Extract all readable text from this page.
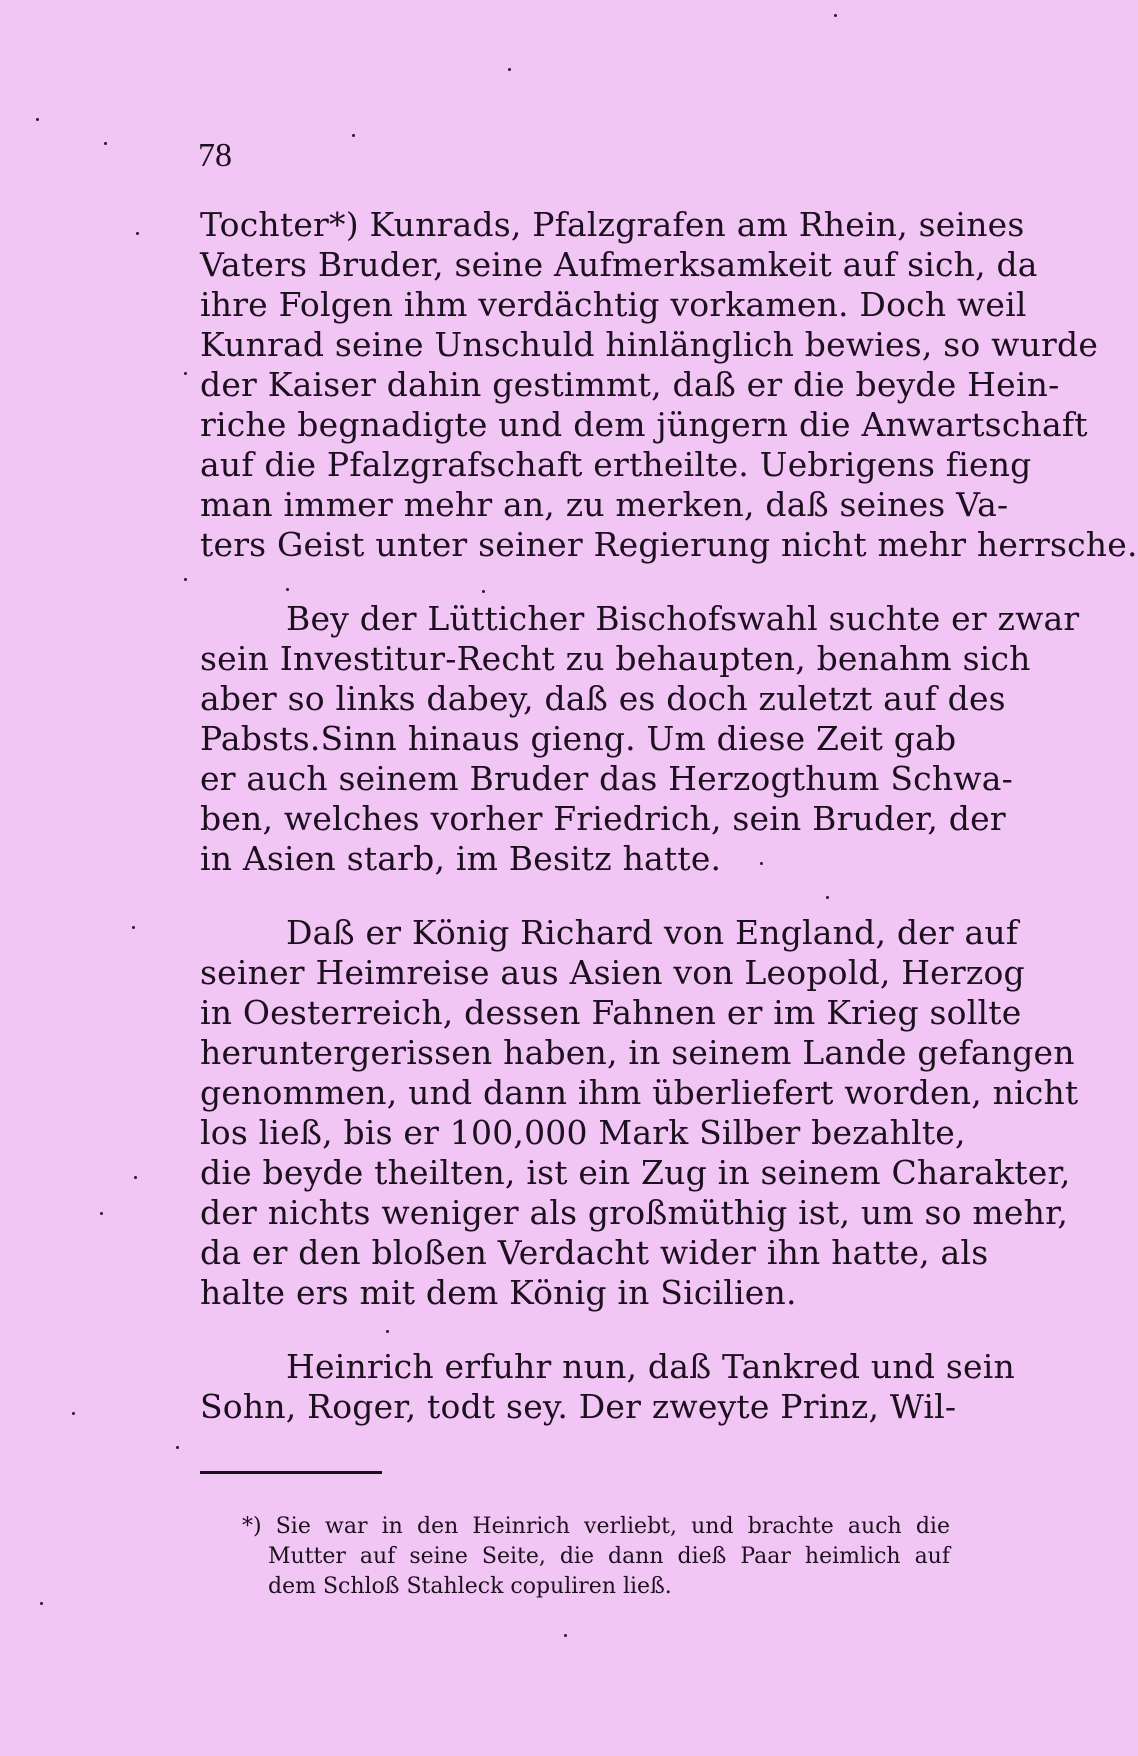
78
Tochter*) Kunrads, Pfalzgrafen am Rhein, seines
Vaters Bruder, seine Aufmerksamkeit auf sich, da
ihre Folgen ihm verdächtig vorkamen. Doch weil
Kunrad seine Unschuld hinlänglich bewies, so wurde
der Kaiser dahin gestimmt, daß er die beyde Hein-
riche begnadigte und dem jüngern die Anwartschaft
auf die Pfalzgrafschaft ertheilte. Uebrigens fieng
man immer mehr an, zu merken, daß seines Va-
ters Geist unter seiner Regierung nicht mehr herrsche.
Bey der Lütticher Bischofswahl suchte er zwar
sein Investitur-Recht zu behaupten, benahm sich
aber so links dabey, daß es doch zuletzt auf des
Pabsts.Sinn hinaus gieng. Um diese Zeit gab
er auch seinem Bruder das Herzogthum Schwa-
ben, welches vorher Friedrich, sein Bruder, der
in Asien starb, im Besitz hatte.
Daß er König Richard von England, der auf
seiner Heimreise aus Asien von Leopold, Herzog
in Oesterreich, dessen Fahnen er im Krieg sollte
heruntergerissen haben, in seinem Lande gefangen
genommen, und dann ihm überliefert worden, nicht
los ließ, bis er 100,000 Mark Silber bezahlte,
die beyde theilten, ist ein Zug in seinem Charakter,
der nichts weniger als großmüthig ist, um so mehr,
da er den bloßen Verdacht wider ihn hatte, als
halte ers mit dem König in Sicilien.
Heinrich erfuhr nun, daß Tankred und sein
Sohn, Roger, todt sey. Der zweyte Prinz, Wil-
*) Sie war in den Heinrich verliebt, und brachte auch die
Mutter auf seine Seite, die dann dieß Paar heimlich auf
dem Schloß Stahleck copuliren ließ.
